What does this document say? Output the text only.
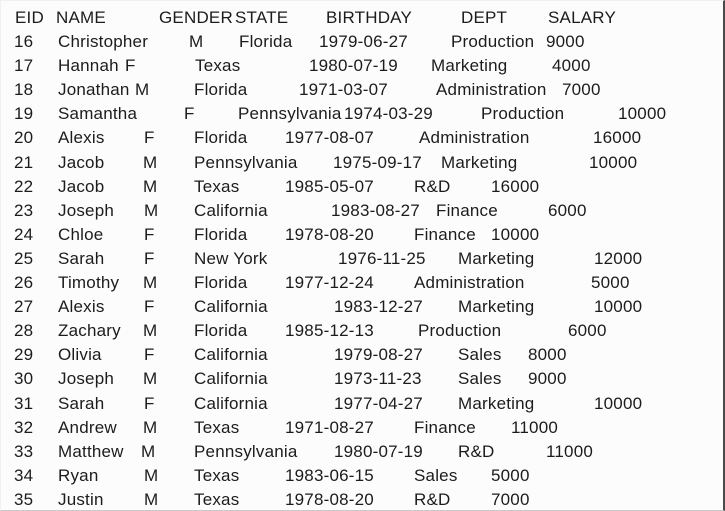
EID NAME	GENDER STATE BIRTHDAY	DEPT SALARY
16 Christopher M Florida 1979-06-27	Production 9000
17 Hannah F	Texas	1980-07-19 Marketing	4000
18 Jonathan M	Florida	1971-03-07	Administration 7000
19 Samantha	F	Pennsylvania 1974-03-29	Production	10000
20 Alexis F Florida 1977-08-07	Administration	16000
21 Jacob M Pennsylvania 1975-09-17 Marketing	10000
22 Jacob M Texas	1985-05-07 R&D 16000
23 Joseph M California	1983-08-27 Finance	6000
24 Chloe F Florida 1978-08-20 Finance 10000
25 Sarah F New York	1976-11-25 Marketing	12000
26 Timothy M Florida 1977-12-24 Administration	5000
27 Alexis F California	1983-12-27 Marketing	10000
28 Zachary M Florida 1985-12-13	Production	6000
29 Olivia F California	1979-08-27 Sales 8000
30 Joseph M California	1973-11-23 Sales 9000
31 Sarah F California	1977-04-27 Marketing	10000
32 Andrew M Texas	1971-08-27 Finance 11000
33 Matthew M Pennsylvania 1980-07-19 R&D	11000
34 Ryan	M Texas	1983-06-15 Sales 5000
35 Justin M Texas	1978-08-20 R&D 7000
